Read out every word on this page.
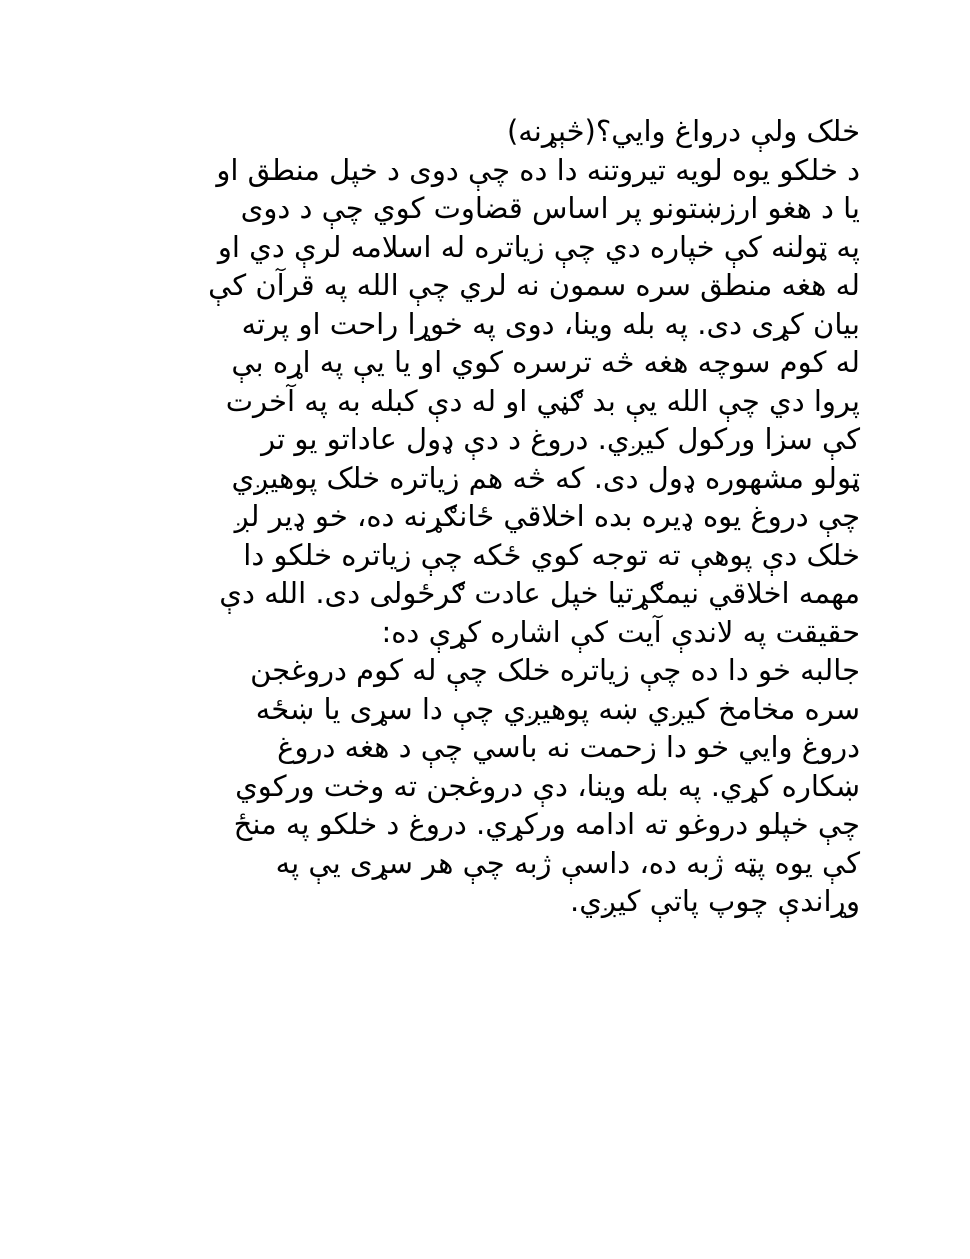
خلک ولې دروا‌غ وايي؟(څېړنه)
د خلکو یوه لویه تیروتنه دا ده چې دوی د خپل منطق او
یا د هغو ارزښتونو پر اساس قضاوت کوي چې د دوی
په ټولنه کې خپاره دي چې زياتره له اسلامه لرې دي او
له هغه منطق سره سمون نه لري چې الله په قرآن کې
بیان کړی دی. په بله وینا، دوی په خوړا راحت او پرته
له کوم سوچه هغه څه ترسره کوي او یا یې په اړه بې
پروا دي چې الله یې بد ګڼي او له دې کبله به په آخرت
کې سزا ورکول کیږي. دروغ د دې ډول عاداتو یو تر
ټولو مشهوره ډول دی. که څه هم زیاتره خلک پوهیږي
چې دروغ یوه ډیره بده اخلاقي ځانګړنه ده، خو ډیر لږ
خلک دې پوهې ته توجه کوي ځکه چې زیاتره خلکو دا
مهمه اخلاقي نیمګړتیا خپل عادت ګرځولی دی. الله دې
حقیقت په لاندې آیت کې اشاره کړې ده:
جالبه خو دا ده چې زیاتره خلک چې له کوم دروغجن
سره مخامخ کیږي ښه پوهیږي چې دا سړی یا ښځه
دروغ وايي خو دا زحمت نه باسي چې د هغه دروغ
ښکاره کړي. په بله وینا، دې دروغجن ته وخت ورکوي
چې خپلو دروغو ته ادامه ورکړي. دروغ د خلکو په منځ
کې یوه پټه ژبه ده، داسې ژبه چې هر سړی یې په
وړاندې چوپ پاتې کیږي.
